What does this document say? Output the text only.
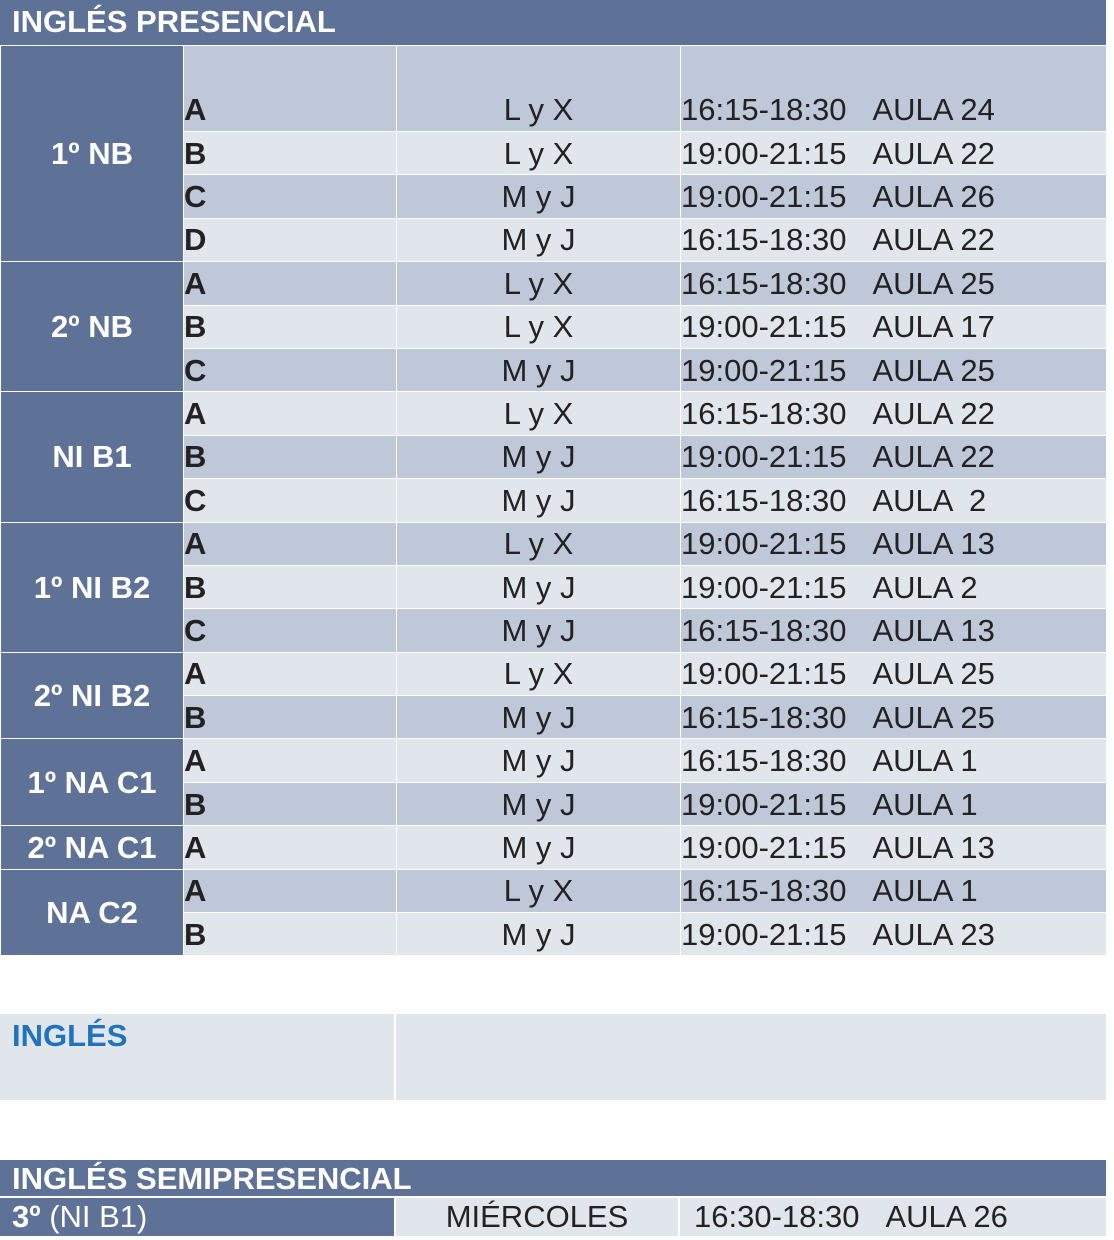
INGLÉS PRESENCIAL
1º NB	A	L y X	16:15-18:30 AULA 24
	B	L y X	19:00-21:15 AULA 22
	C	M y J	19:00-21:15 AULA 26
	D	M y J	16:15-18:30 AULA 22
2º NB	A	L y X	16:15-18:30 AULA 25
	B	L y X	19:00-21:15 AULA 17
	C	M y J	19:00-21:15 AULA 25
NI B1	A	L y X	16:15-18:30 AULA 22
	B	M y J	19:00-21:15 AULA 22
	C	M y J	16:15-18:30 AULA  2
1º NI B2	A	L y X	19:00-21:15 AULA 13
	B	M y J	19:00-21:15 AULA 2
	C	M y J	16:15-18:30 AULA 13
2º NI B2	A	L y X	19:00-21:15 AULA 25
	B	M y J	16:15-18:30 AULA 25
1º NA C1	A	M y J	16:15-18:30 AULA 1
	B	M y J	19:00-21:15 AULA 1
2º NA C1	A	M y J	19:00-21:15 AULA 13
NA C2	A	L y X	16:15-18:30 AULA 1
	B	M y J	19:00-21:15 AULA 23
INGLÉS
INGLÉS SEMIPRESENCIAL
3º (NI B1)	MIÉRCOLES	16:30-18:30 AULA 26
